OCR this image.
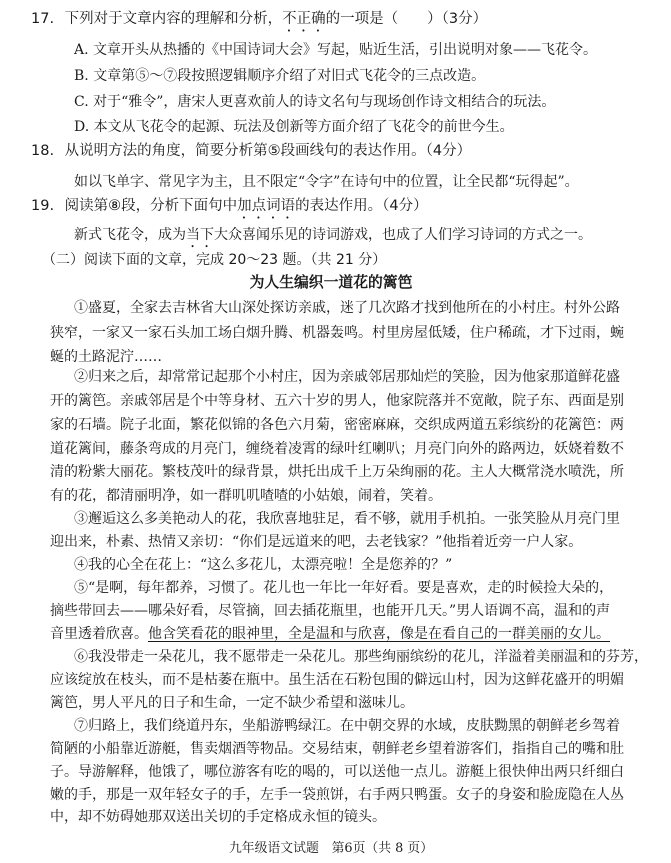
17. 下列对于文章内容的理解和分析，不正确的一项是（　　）（3分）
A. 文章开头从热播的《中国诗词大会》写起，贴近生活，引出说明对象——飞花令。
B. 文章第⑤～⑦段按照逻辑顺序介绍了对旧式飞花令的三点改造。
C. 对于“雅令”，唐宋人更喜欢前人的诗文名句与现场创作诗文相结合的玩法。
D. 本文从飞花令的起源、玩法及创新等方面介绍了飞花令的前世今生。
18. 从说明方法的角度，简要分析第⑤段画线句的表达作用。（4分）
如以飞单字、常见字为主，且不限定“令字”在诗句中的位置，让全民都“玩得起”。
19. 阅读第⑧段，分析下面句中加点词语的表达作用。（4分）
新式飞花令，成为当下大众喜闻乐见的诗词游戏，也成了人们学习诗词的方式之一。
（二）阅读下面的文章，完成 20～23 题。（共 21 分）
为人生编织一道花的篱笆
①盛夏，全家去吉林省大山深处探访亲戚，迷了几次路才找到他所在的小村庄。村外公路
狭窄，一家又一家石头加工场白烟升腾、机器轰鸣。村里房屋低矮，住户稀疏，才下过雨，蜿
蜒的土路泥泞……
②归来之后，却常常记起那个小村庄，因为亲戚邻居那灿烂的笑脸，因为他家那道鲜花盛
开的篱笆。亲戚邻居是个中等身材、五六十岁的男人，他家院落并不宽敞，院子东、西面是别
家的石墙。院子北面，繁花似锦的各色六月菊，密密麻麻，交织成两道五彩缤纷的花篱笆：两
道花篱间，藤条弯成的月亮门，缠绕着凌霄的绿叶红喇叭；月亮门向外的路两边，妖娆着数不
清的粉紫大丽花。繁枝茂叶的绿背景，烘托出成千上万朵绚丽的花。主人大概常浇水喷洗，所
有的花，都清丽明净，如一群叽叽喳喳的小姑娘，闹着，笑着。
③邂逅这么多美艳动人的花，我欣喜地驻足，看不够，就用手机拍。一张笑脸从月亮门里
迎出来，朴素、热情又亲切：“你们是远道来的吧，去老钱家？”他指着近旁一户人家。
④我的心全在花上：“这么多花儿，太漂亮啦！全是您养的？”
⑤“是啊，每年都养，习惯了。花儿也一年比一年好看。要是喜欢，走的时候捡大朵的，
摘些带回去——哪朵好看，尽管摘，回去插花瓶里，也能开几天。”男人语调不高，温和的声
音里透着欣喜。他含笑看花的眼神里，全是温和与欣喜，像是在看自己的一群美丽的女儿。
⑥我没带走一朵花儿，我不愿带走一朵花儿。那些绚丽缤纷的花儿，洋溢着美丽温和的芬芳，
应该绽放在枝头，而不是枯萎在瓶中。虽生活在石粉包围的僻远山村，因为这鲜花盛开的明媚
篱笆，男人平凡的日子和生命，一定不缺少希望和滋味儿。
⑦归路上，我们绕道丹东，坐船游鸭绿江。在中朝交界的水域，皮肤黝黑的朝鲜老乡驾着
简陋的小船靠近游艇，售卖烟酒等物品。交易结束，朝鲜老乡望着游客们，指指自己的嘴和肚
子。导游解释，他饿了，哪位游客有吃的喝的，可以送他一点儿。游艇上很快伸出两只纤细白
嫩的手，那是一双年轻女子的手，左手一袋煎饼，右手两只鸭蛋。女子的身姿和脸庞隐在人丛
中，却不妨碍她那双送出关切的手定格成永恒的镜头。
九年级语文试题　第6页（共 8 页）
